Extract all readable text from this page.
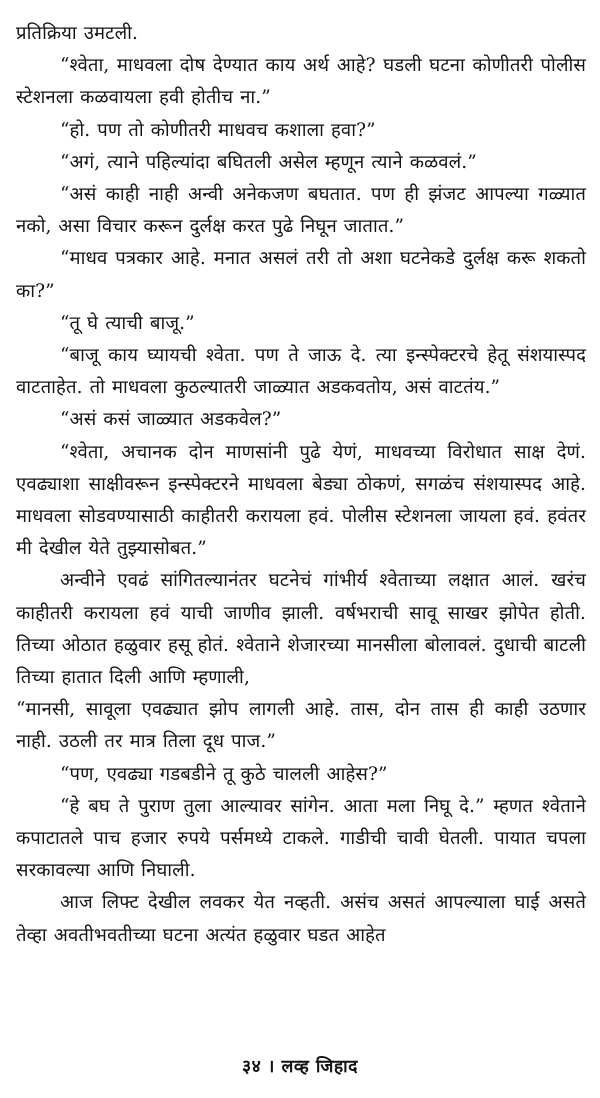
प्रतिक्रिया उमटली.

“श्वेता, माधवला दोष देण्यात काय अर्थ आहे? घडली घटना कोणीतरी पोलीस स्टेशनला कळवायला हवी होतीच ना.”

“हो. पण तो कोणीतरी माधवच कशाला हवा?”

“अगं, त्याने पहिल्यांदा बघितली असेल म्हणून त्याने कळवलं.”

“असं काही नाही अन्वी अनेकजण बघतात. पण ही झंजट आपल्या गळ्यात नको, असा विचार करून दुर्लक्ष करत पुढे निघून जातात.”

“माधव पत्रकार आहे. मनात असलं तरी तो अशा घटनेकडे दुर्लक्ष करू शकतो का?”

“तू घे त्याची बाजू.”

“बाजू काय घ्यायची श्वेता. पण ते जाऊ दे. त्या इन्स्पेक्टरचे हेतू संशयास्पद वाटताहेत. तो माधवला कुठल्यातरी जाळ्यात अडकवतोय, असं वाटतंय.”

“असं कसं जाळ्यात अडकवेल?”

“श्वेता, अचानक दोन माणसांनी पुढे येणं, माधवच्या विरोधात साक्ष देणं. एवढ्याशा साक्षीवरून इन्स्पेक्टरने माधवला बेड्या ठोकणं, सगळंच संशयास्पद आहे. माधवला सोडवण्यासाठी काहीतरी करायला हवं. पोलीस स्टेशनला जायला हवं. हवंतर मी देखील येते तुझ्यासोबत.”

अन्वीने एवढं सांगितल्यानंतर घटनेचं गांभीर्य श्वेताच्या लक्षात आलं. खरंच काहीतरी करायला हवं याची जाणीव झाली. वर्षभराची सावू साखर झोपेत होती. तिच्या ओठात हळुवार हसू होतं. श्वेताने शेजारच्या मानसीला बोलावलं. दुधाची बाटली तिच्या हातात दिली आणि म्हणाली,

“मानसी, सावूला एवढ्यात झोप लागली आहे. तास, दोन तास ही काही उठणार नाही. उठली तर मात्र तिला दूध पाज.”

“पण, एवढ्या गडबडीने तू कुठे चालली आहेस?”

“हे बघ ते पुराण तुला आल्यावर सांगेन. आता मला निघू दे.” म्हणत श्वेताने कपाटातले पाच हजार रुपये पर्समध्ये टाकले. गाडीची चावी घेतली. पायात चपला सरकावल्या आणि निघाली.

आज लिफ्ट देखील लवकर येत नव्हती. असंच असतं आपल्याला घाई असते तेव्हा अवतीभवतीच्या घटना अत्यंत हळुवार घडत आहेत

३४ । लव्ह जिहाद
